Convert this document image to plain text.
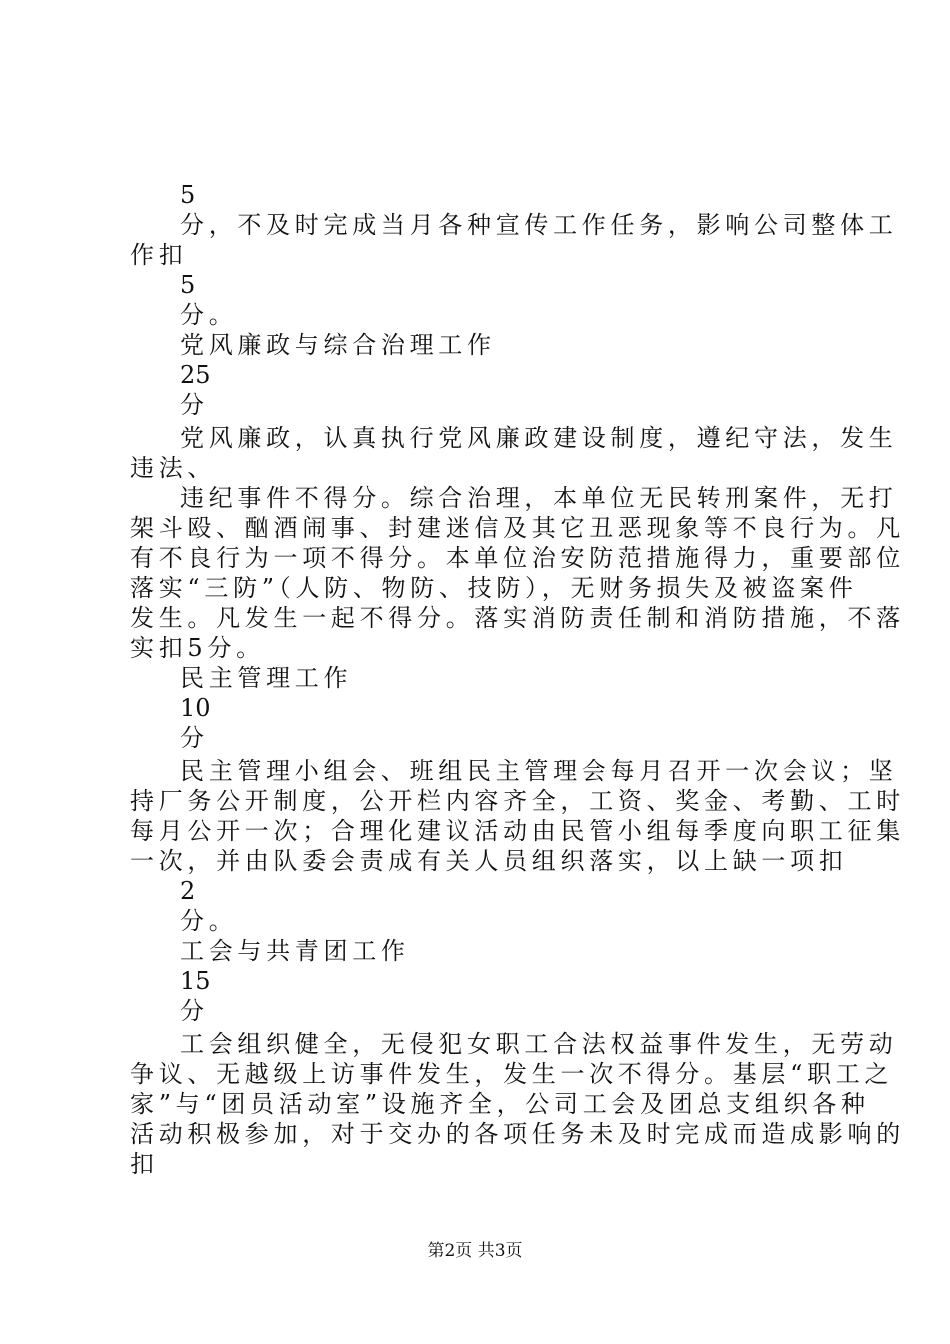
5
分，不及时完成当月各种宣传工作任务，影响公司整体工
作扣
5
分。
党风廉政与综合治理工作
25
分
党风廉政，认真执行党风廉政建设制度，遵纪守法，发生
违法、
违纪事件不得分。综合治理，本单位无民转刑案件，无打
架斗殴、酗酒闹事、封建迷信及其它丑恶现象等不良行为。凡
有不良行为一项不得分。本单位治安防范措施得力，重要部位
落实“三防”（人防、物防、技防），无财务损失及被盗案件
发生。凡发生一起不得分。落实消防责任制和消防措施，不落
实扣5分。
民主管理工作
10
分
民主管理小组会、班组民主管理会每月召开一次会议；坚
持厂务公开制度，公开栏内容齐全，工资、奖金、考勤、工时
每月公开一次；合理化建议活动由民管小组每季度向职工征集
一次，并由队委会责成有关人员组织落实，以上缺一项扣
2
分。
工会与共青团工作
15
分
工会组织健全，无侵犯女职工合法权益事件发生，无劳动
争议、无越级上访事件发生，发生一次不得分。基层“职工之
家”与“团员活动室”设施齐全，公司工会及团总支组织各种
活动积极参加，对于交办的各项任务未及时完成而造成影响的
扣
第2页 共3页
